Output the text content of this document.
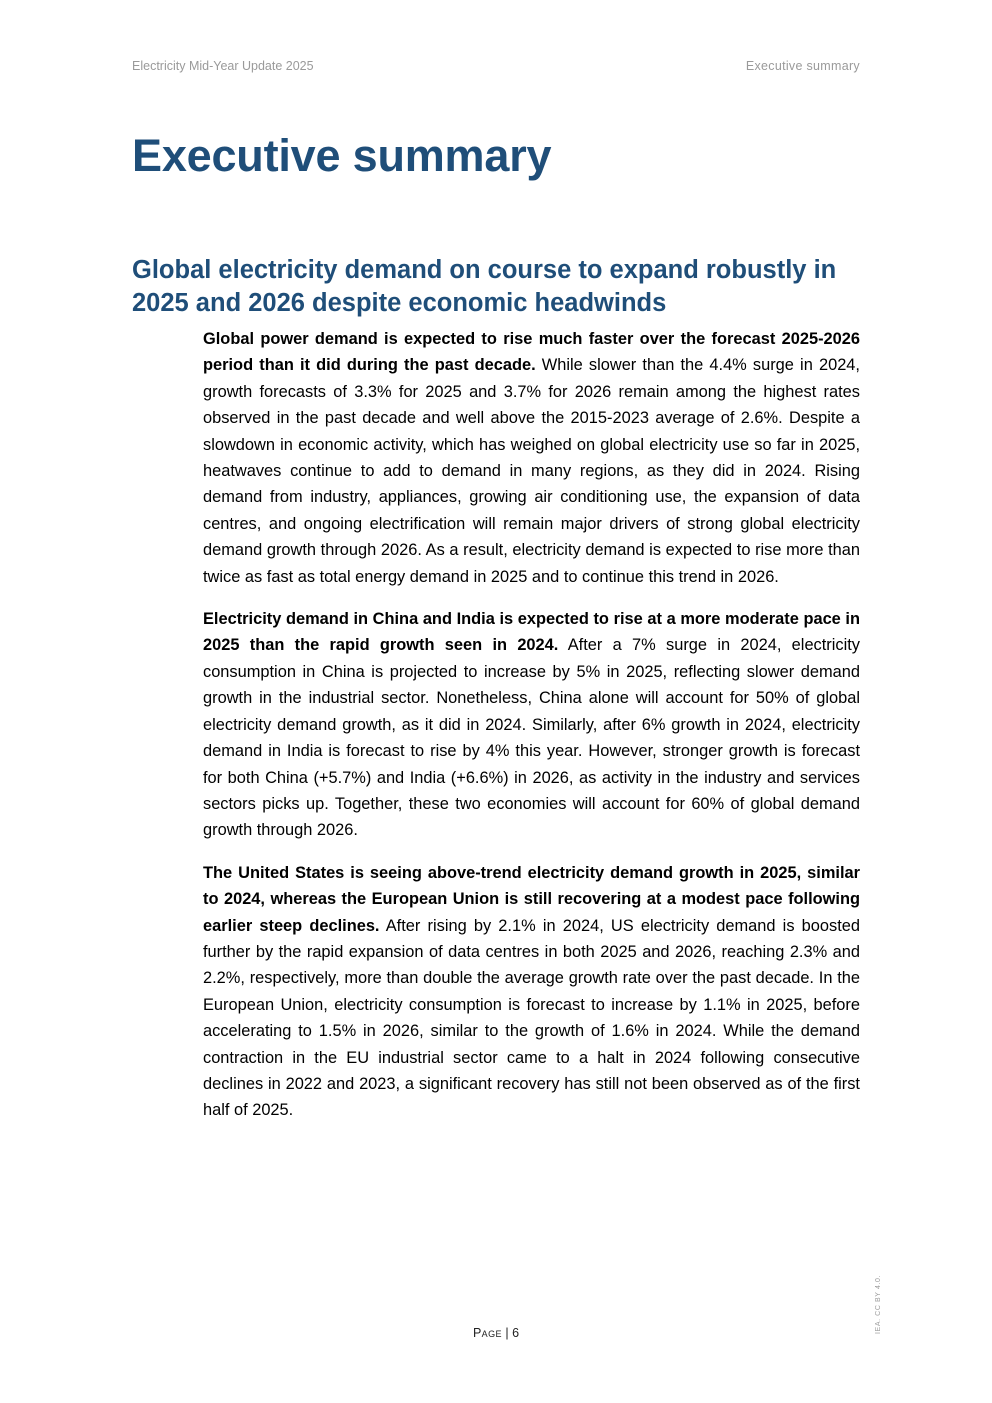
Electricity Mid-Year Update 2025	Executive summary
Executive summary
Global electricity demand on course to expand robustly in 2025 and 2026 despite economic headwinds

Global power demand is expected to rise much faster over the forecast 2025-2026 period than it did during the past decade. While slower than the 4.4% surge in 2024, growth forecasts of 3.3% for 2025 and 3.7% for 2026 remain among the highest rates observed in the past decade and well above the 2015-2023 average of 2.6%. Despite a slowdown in economic activity, which has weighed on global electricity use so far in 2025, heatwaves continue to add to demand in many regions, as they did in 2024. Rising demand from industry, appliances, growing air conditioning use, the expansion of data centres, and ongoing electrification will remain major drivers of strong global electricity demand growth through 2026. As a result, electricity demand is expected to rise more than twice as fast as total energy demand in 2025 and to continue this trend in 2026.

Electricity demand in China and India is expected to rise at a more moderate pace in 2025 than the rapid growth seen in 2024. After a 7% surge in 2024, electricity consumption in China is projected to increase by 5% in 2025, reflecting slower demand growth in the industrial sector. Nonetheless, China alone will account for 50% of global electricity demand growth, as it did in 2024. Similarly, after 6% growth in 2024, electricity demand in India is forecast to rise by 4% this year. However, stronger growth is forecast for both China (+5.7%) and India (+6.6%) in 2026, as activity in the industry and services sectors picks up. Together, these two economies will account for 60% of global demand growth through 2026.

The United States is seeing above-trend electricity demand growth in 2025, similar to 2024, whereas the European Union is still recovering at a modest pace following earlier steep declines. After rising by 2.1% in 2024, US electricity demand is boosted further by the rapid expansion of data centres in both 2025 and 2026, reaching 2.3% and 2.2%, respectively, more than double the average growth rate over the past decade. In the European Union, electricity consumption is forecast to increase by 1.1% in 2025, before accelerating to 1.5% in 2026, similar to the growth of 1.6% in 2024. While the demand contraction in the EU industrial sector came to a halt in 2024 following consecutive declines in 2022 and 2023, a significant recovery has still not been observed as of the first half of 2025.

IEA. CC BY 4.0.
Page | 6
